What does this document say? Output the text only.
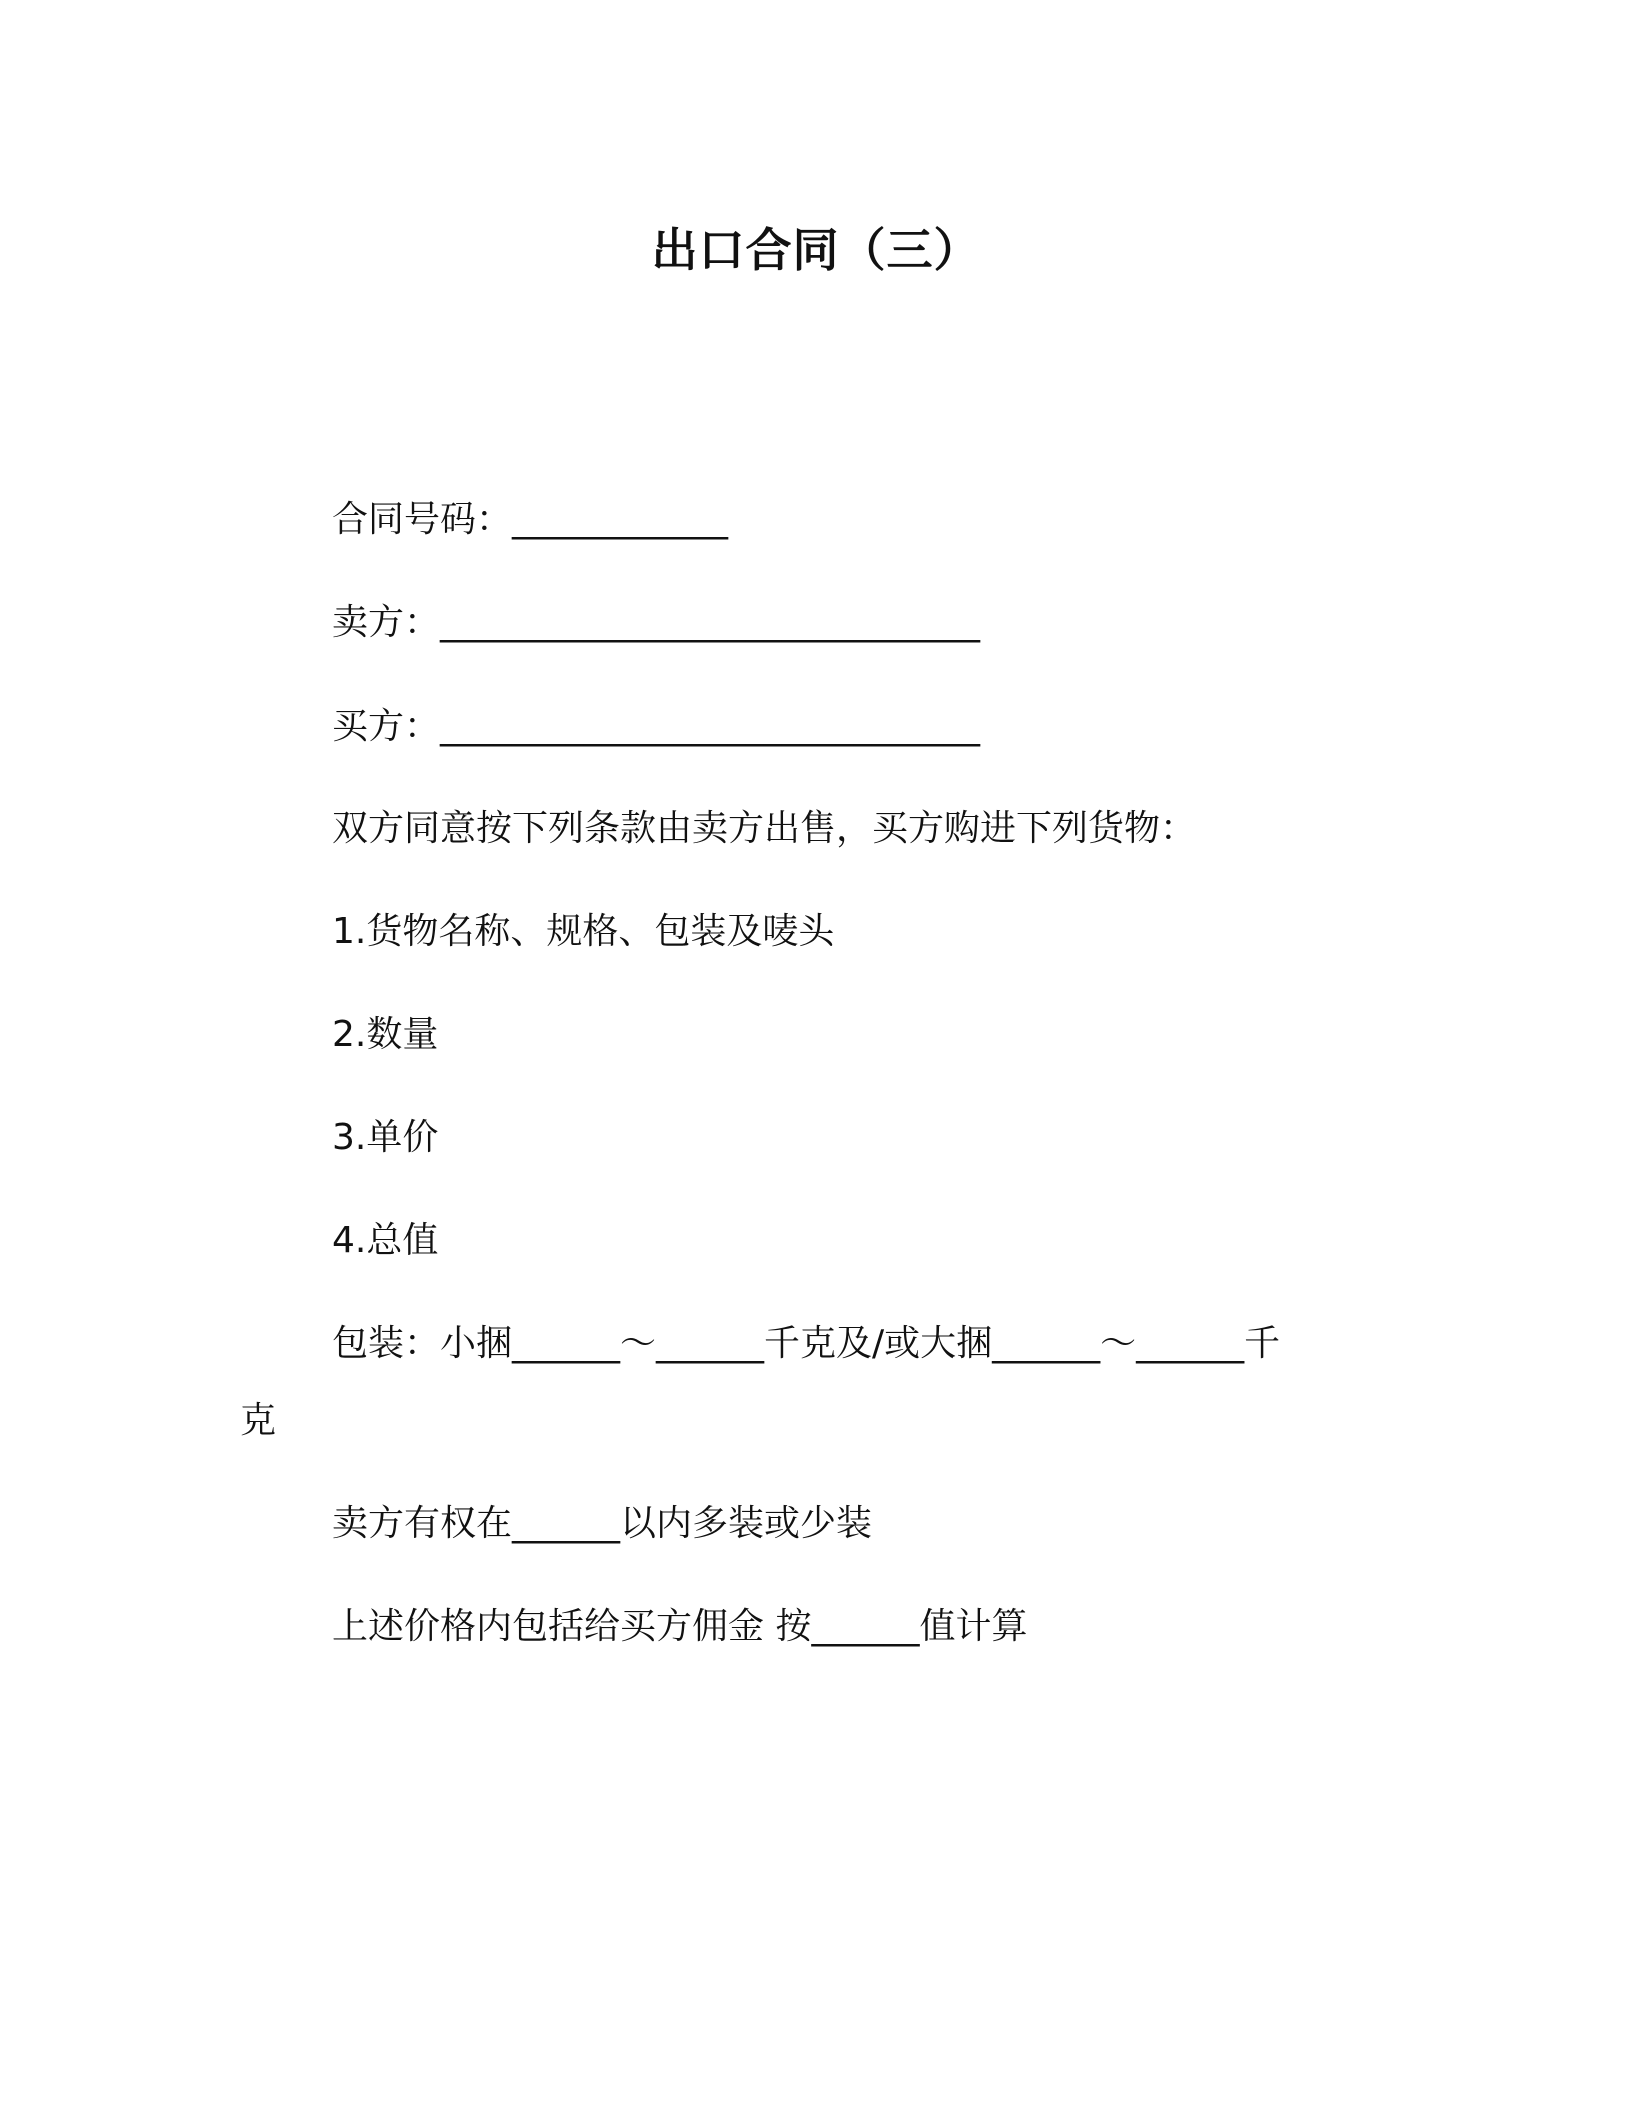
出口合同（三）
合同号码：____________
卖方：______________________________
买方：______________________________
双方同意按下列条款由卖方出售，买方购进下列货物：
1.货物名称、规格、包装及唛头
2.数量
3.单价
4.总值
包装：小捆______～______千克及/或大捆______～______千
克
卖方有权在______以内多装或少装
上述价格内包括给买方佣金 按______值计算
